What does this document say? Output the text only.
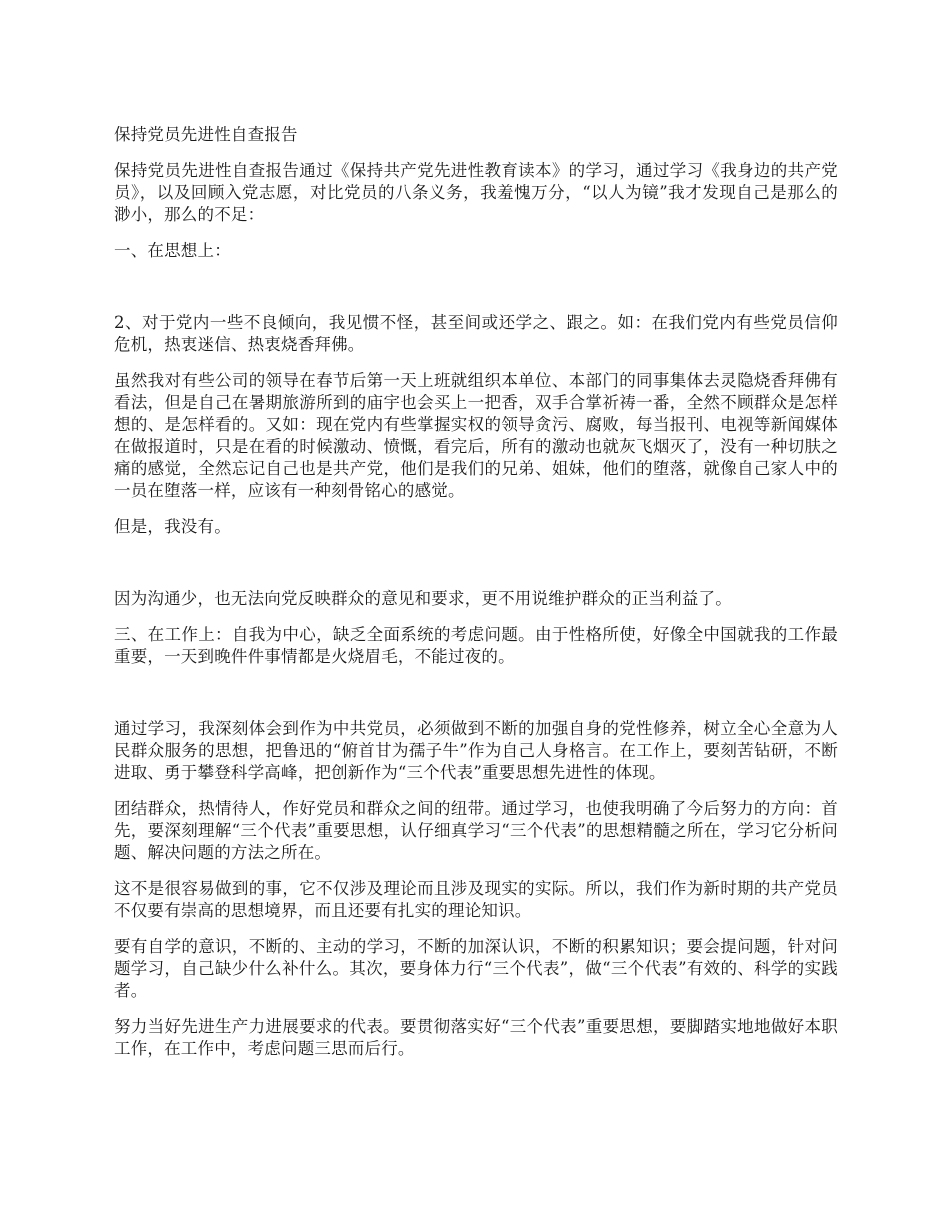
保持党员先进性自查报告
保持党员先进性自查报告通过《保持共产党先进性教育读本》的学习，通过学习《我身边的共产党员》，以及回顾入党志愿，对比党员的八条义务，我羞愧万分，“以人为镜”我才发现自己是那么的渺小，那么的不足：
一、在思想上：
2、对于党内一些不良倾向，我见惯不怪，甚至间或还学之、跟之。如：在我们党内有些党员信仰危机，热衷迷信、热衷烧香拜佛。
虽然我对有些公司的领导在春节后第一天上班就组织本单位、本部门的同事集体去灵隐烧香拜佛有看法，但是自己在暑期旅游所到的庙宇也会买上一把香，双手合掌祈祷一番，全然不顾群众是怎样想的、是怎样看的。又如：现在党内有些掌握实权的领导贪污、腐败，每当报刊、电视等新闻媒体在做报道时，只是在看的时候激动、愤慨，看完后，所有的激动也就灰飞烟灭了，没有一种切肤之痛的感觉，全然忘记自己也是共产党，他们是我们的兄弟、姐妹，他们的堕落，就像自己家人中的一员在堕落一样，应该有一种刻骨铭心的感觉。
但是，我没有。
因为沟通少，也无法向党反映群众的意见和要求，更不用说维护群众的正当利益了。
三、在工作上：自我为中心，缺乏全面系统的考虑问题。由于性格所使，好像全中国就我的工作最重要，一天到晚件件事情都是火烧眉毛，不能过夜的。
通过学习，我深刻体会到作为中共党员，必须做到不断的加强自身的党性修养，树立全心全意为人民群众服务的思想，把鲁迅的“俯首甘为孺子牛”作为自己人身格言。在工作上，要刻苦钻研，不断进取、勇于攀登科学高峰，把创新作为“三个代表”重要思想先进性的体现。
团结群众，热情待人，作好党员和群众之间的纽带。通过学习，也使我明确了今后努力的方向：首先，要深刻理解“三个代表”重要思想，认仔细真学习“三个代表”的思想精髓之所在，学习它分析问题、解决问题的方法之所在。
这不是很容易做到的事，它不仅涉及理论而且涉及现实的实际。所以，我们作为新时期的共产党员不仅要有崇高的思想境界，而且还要有扎实的理论知识。
要有自学的意识，不断的、主动的学习，不断的加深认识，不断的积累知识；要会提问题，针对问题学习，自己缺少什么补什么。其次，要身体力行“三个代表”，做“三个代表”有效的、科学的实践者。
努力当好先进生产力进展要求的代表。要贯彻落实好“三个代表”重要思想，要脚踏实地地做好本职工作，在工作中，考虑问题三思而后行。
